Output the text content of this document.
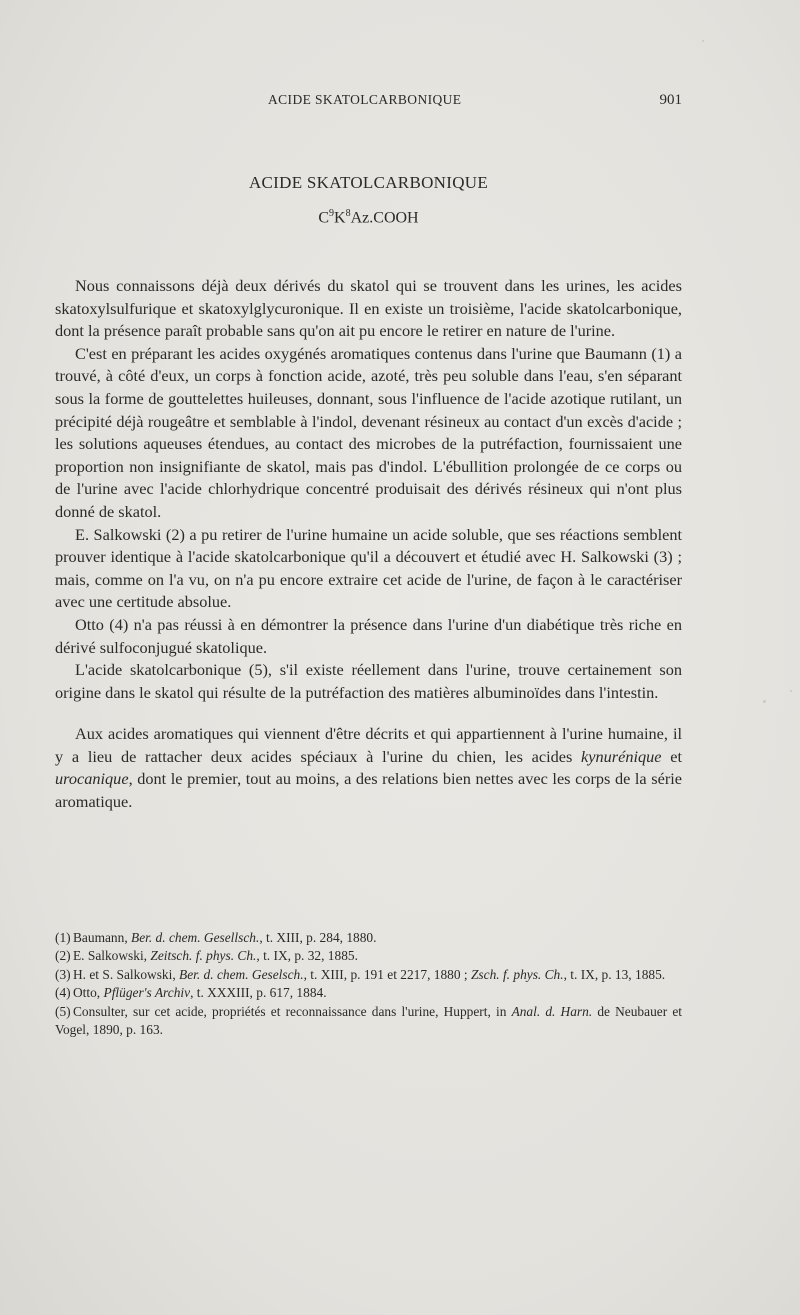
ACIDE SKATOLCARBONIQUE	901
ACIDE SKATOLCARBONIQUE
$C^9K^8Az.COOH$

Nous connaissons déjà deux dérivés du skatol qui se trouvent dans les urines, les acides skatoxylsulfurique et skatoxylglycuronique. Il en existe un troisième, l'acide skatolcarbonique, dont la présence paraît probable sans qu'on ait pu encore le retirer en nature de l'urine.

C'est en préparant les acides oxygénés aromatiques contenus dans l'urine que Baumann (1) a trouvé, à côté d'eux, un corps à fonction acide, azoté, très peu soluble dans l'eau, s'en séparant sous la forme de gouttelettes huileuses, donnant, sous l'influence de l'acide azotique rutilant, un précipité déjà rougeâtre et semblable à l'indol, devenant résineux au contact d'un excès d'acide ; les solutions aqueuses étendues, au contact des microbes de la putréfaction, fournissaient une proportion non insignifiante de skatol, mais pas d'indol. L'ébullition prolongée de ce corps ou de l'urine avec l'acide chlorhydrique concentré produisait des dérivés résineux qui n'ont plus donné de skatol.

E. Salkowski (2) a pu retirer de l'urine humaine un acide soluble, que ses réactions semblent prouver identique à l'acide skatolcarbonique qu'il a découvert et étudié avec H. Salkowski (3) ; mais, comme on l'a vu, on n'a pu encore extraire cet acide de l'urine, de façon à le caractériser avec une certitude absolue.

Otto (4) n'a pas réussi à en démontrer la présence dans l'urine d'un diabétique très riche en dérivé sulfoconjugué skatolique.

L'acide skatolcarbonique (5), s'il existe réellement dans l'urine, trouve certainement son origine dans le skatol qui résulte de la putréfaction des matières albuminoïdes dans l'intestin.

Aux acides aromatiques qui viennent d'être décrits et qui appartiennent à l'urine humaine, il y a lieu de rattacher deux acides spéciaux à l'urine du chien, les acides kynurénique et urocanique, dont le premier, tout au moins, a des relations bien nettes avec les corps de la série aromatique.

(1) Baumann, Ber. d. chem. Gesellsch., t. XIII, p. 284, 1880.

(2) E. Salkowski, Zeitsch. f. phys. Ch., t. IX, p. 32, 1885.

(3) H. et S. Salkowski, Ber. d. chem. Geselsch., t. XIII, p. 191 et 2217, 1880 ; Zsch. f. phys. Ch., t. IX, p. 13, 1885.

(4) Otto, Pflüger's Archiv, t. XXXIII, p. 617, 1884.

(5) Consulter, sur cet acide, propriétés et reconnaissance dans l'urine, Huppert, in Anal. d. Harn. de Neubauer et Vogel, 1890, p. 163.
